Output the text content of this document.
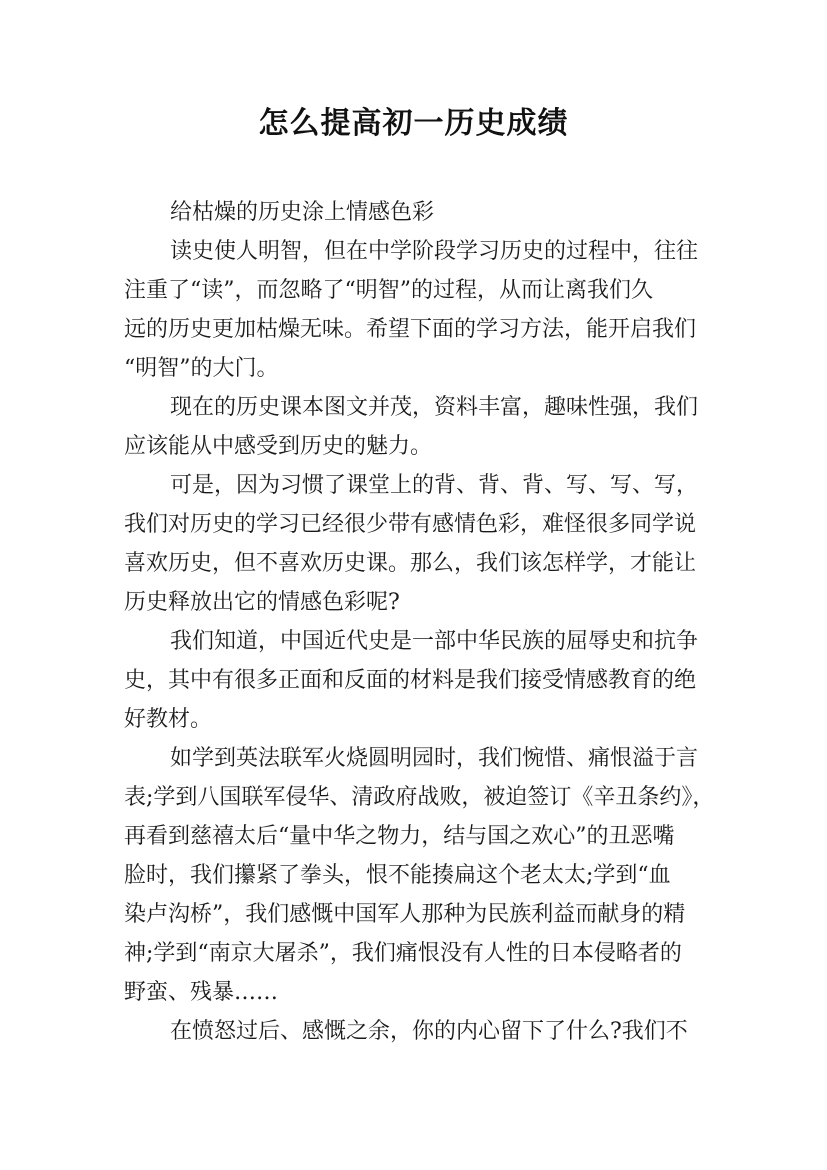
怎么提高初一历史成绩
给枯燥的历史涂上情感色彩
读史使人明智，但在中学阶段学习历史的过程中，往往
注重了“读”，而忽略了“明智”的过程，从而让离我们久
远的历史更加枯燥无味。希望下面的学习方法，能开启我们
“明智”的大门。
现在的历史课本图文并茂，资料丰富，趣味性强，我们
应该能从中感受到历史的魅力。
可是，因为习惯了课堂上的背、背、背、写、写、写，
我们对历史的学习已经很少带有感情色彩，难怪很多同学说
喜欢历史，但不喜欢历史课。那么，我们该怎样学，才能让
历史释放出它的情感色彩呢?
我们知道，中国近代史是一部中华民族的屈辱史和抗争
史，其中有很多正面和反面的材料是我们接受情感教育的绝
好教材。
如学到英法联军火烧圆明园时，我们惋惜、痛恨溢于言
表;学到八国联军侵华、清政府战败，被迫签订《辛丑条约》，
再看到慈禧太后“量中华之物力，结与国之欢心”的丑恶嘴
脸时，我们攥紧了拳头，恨不能揍扁这个老太太;学到“血
染卢沟桥”，我们感慨中国军人那种为民族利益而献身的精
神;学到“南京大屠杀”，我们痛恨没有人性的日本侵略者的
野蛮、残暴……
在愤怒过后、感慨之余，你的内心留下了什么?我们不
